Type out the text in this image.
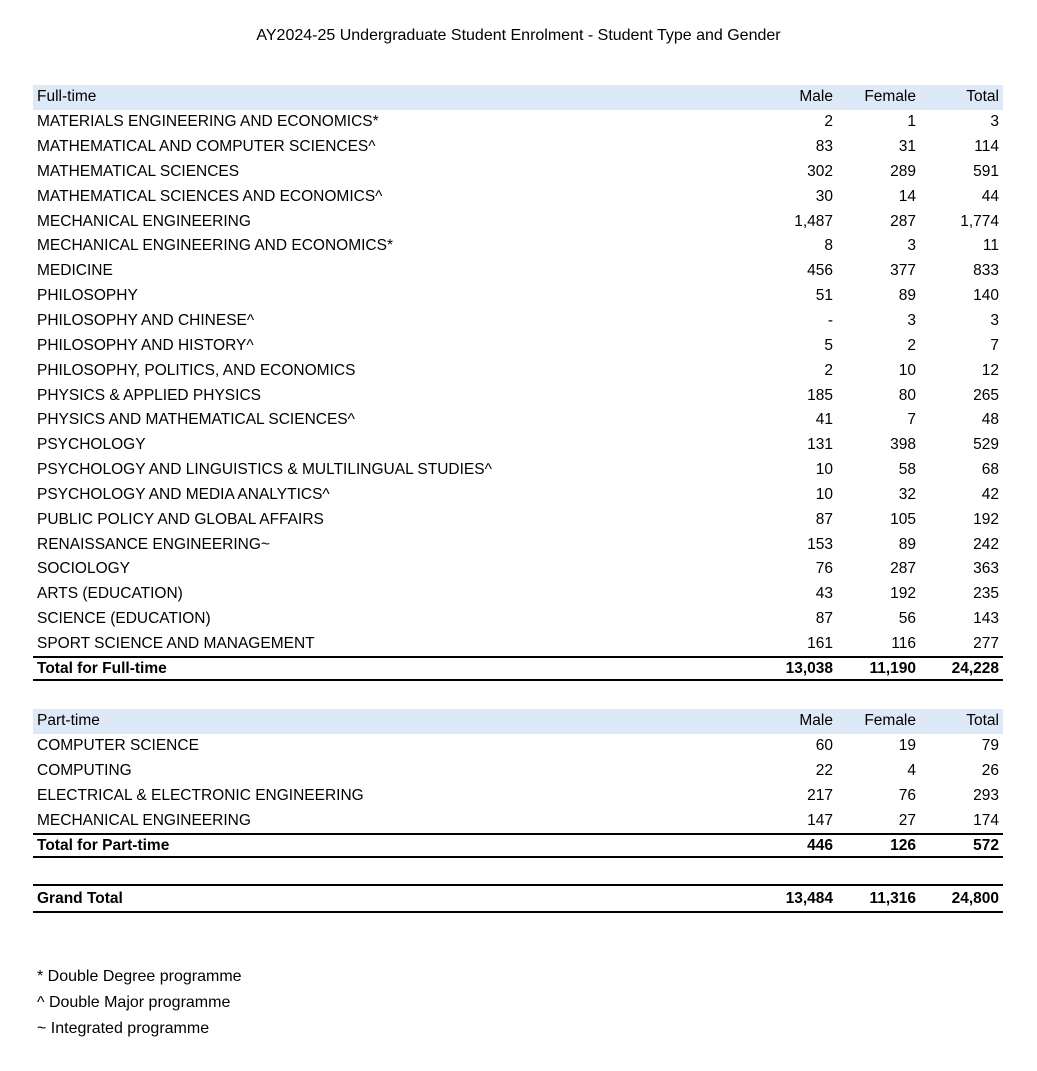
AY2024-25 Undergraduate Student Enrolment - Student Type and Gender
Full-time	Male	Female	Total
MATERIALS ENGINEERING AND ECONOMICS*	2	1	3
MATHEMATICAL AND COMPUTER SCIENCES^	83	31	114
MATHEMATICAL SCIENCES	302	289	591
MATHEMATICAL SCIENCES AND ECONOMICS^	30	14	44
MECHANICAL ENGINEERING	1,487	287	1,774
MECHANICAL ENGINEERING AND ECONOMICS*	8	3	11
MEDICINE	456	377	833
PHILOSOPHY	51	89	140
PHILOSOPHY AND CHINESE^	-	3	3
PHILOSOPHY AND HISTORY^	5	2	7
PHILOSOPHY, POLITICS, AND ECONOMICS	2	10	12
PHYSICS & APPLIED PHYSICS	185	80	265
PHYSICS AND MATHEMATICAL SCIENCES^	41	7	48
PSYCHOLOGY	131	398	529
PSYCHOLOGY AND LINGUISTICS & MULTILINGUAL STUDIES^	10	58	68
PSYCHOLOGY AND MEDIA ANALYTICS^	10	32	42
PUBLIC POLICY AND GLOBAL AFFAIRS	87	105	192
RENAISSANCE ENGINEERING~	153	89	242
SOCIOLOGY	76	287	363
ARTS (EDUCATION)	43	192	235
SCIENCE (EDUCATION)	87	56	143
SPORT SCIENCE AND MANAGEMENT	161	116	277
Total for Full-time	13,038	11,190	24,228
Part-time	Male	Female	Total
COMPUTER SCIENCE	60	19	79
COMPUTING	22	4	26
ELECTRICAL & ELECTRONIC ENGINEERING	217	76	293
MECHANICAL ENGINEERING	147	27	174
Total for Part-time	446	126	572
Grand Total	13,484	11,316	24,800
* Double Degree programme
^ Double Major programme
~ Integrated programme
